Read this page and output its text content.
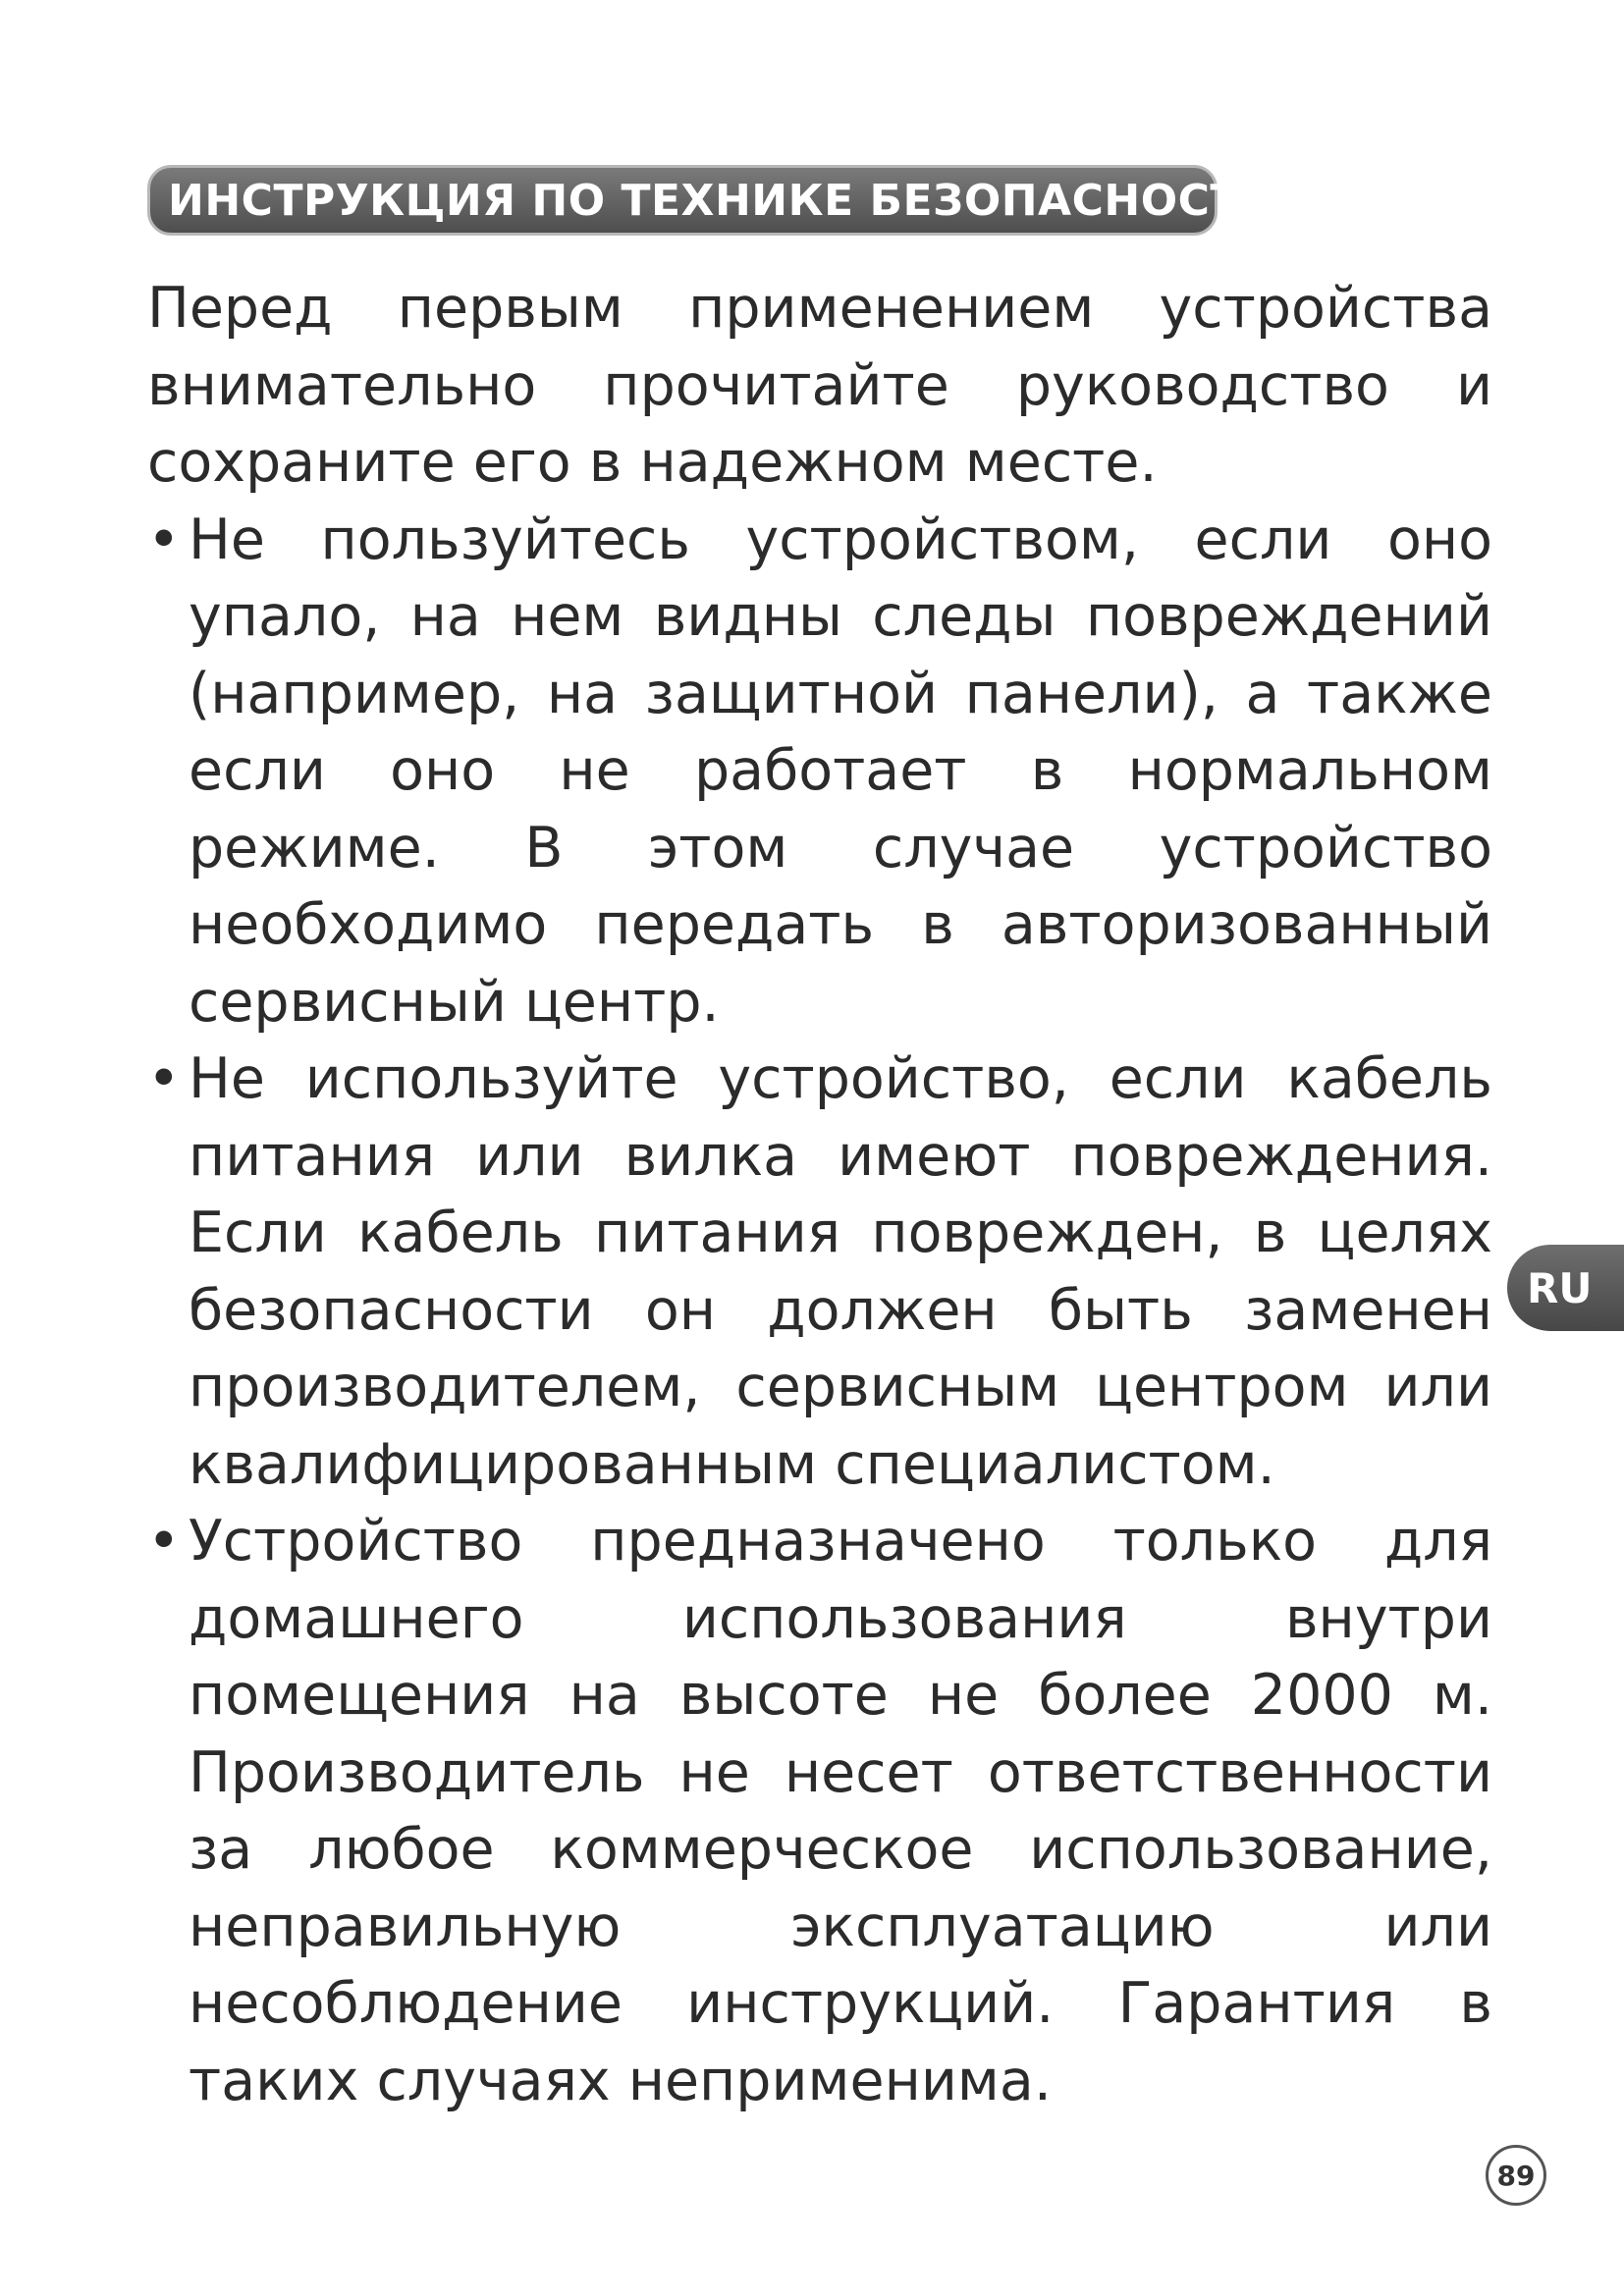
ИНСТРУКЦИЯ ПО ТЕХНИКЕ БЕЗОПАСНОСТИ

Перед первым применением устройства внимательно прочитайте руководство и сохраните его в надежном месте.

• Не пользуйтесь устройством, если оно упало, на нем видны следы повреждений (например, на защитной панели), а также если оно не работает в нормальном режиме. В этом случае устройство необходимо передать в авторизованный сервисный центр.
• Не используйте устройство, если кабель питания или вилка имеют повреждения. Если кабель питания поврежден, в целях безопасности он должен быть заменен производителем, сервисным центром или квалифицированным специалистом.
• Устройство предназначено только для домашнего использования внутри помещения на высоте не более 2000 м. Производитель не несет ответственности за любое коммерческое использование, неправильную эксплуатацию или несоблюдение инструкций. Гарантия в таких случаях неприменима.
RU
89
